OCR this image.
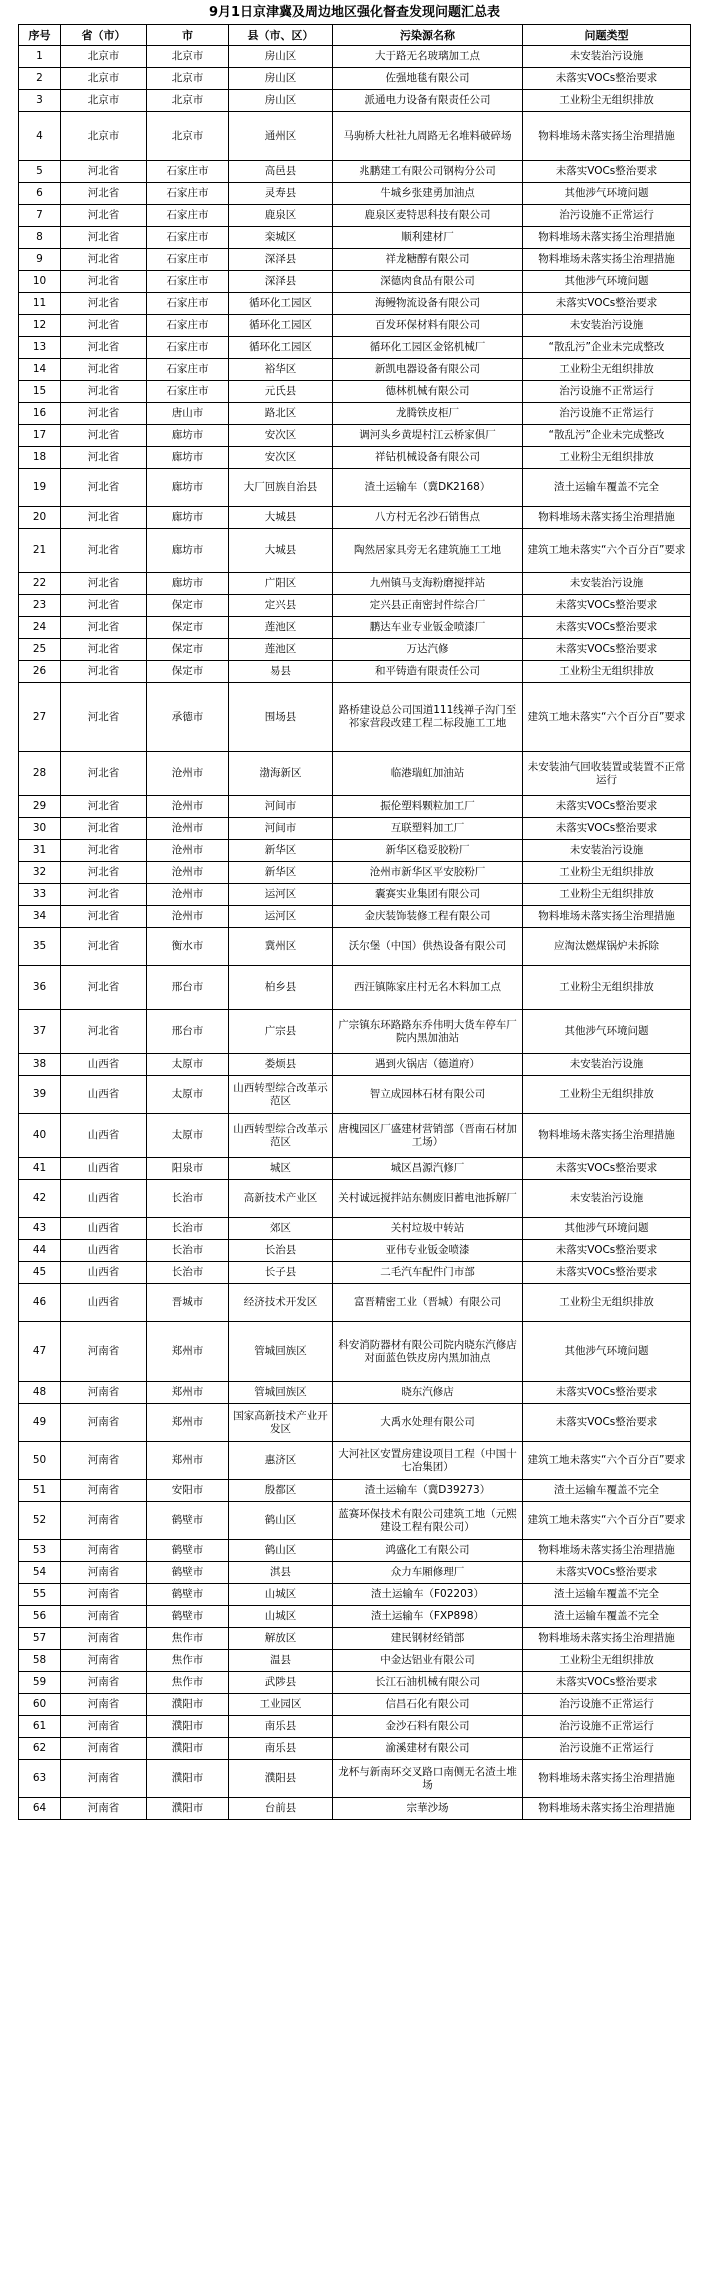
9月1日京津冀及周边地区强化督查发现问题汇总表
序号	省（市）	市	县（市、区）	污染源名称	问题类型
1	北京市	北京市	房山区	大于路无名玻璃加工点	未安装治污设施
2	北京市	北京市	房山区	佐强地毯有限公司	未落实VOCs整治要求
3	北京市	北京市	房山区	派通电力设备有限责任公司	工业粉尘无组织排放
4	北京市	北京市	通州区	马驹桥大杜社九周路无名堆料破碎场	物料堆场未落实扬尘治理措施
5	河北省	石家庄市	高邑县	兆鹏建工有限公司钢构分公司	未落实VOCs整治要求
6	河北省	石家庄市	灵寿县	牛城乡张建勇加油点	其他涉气环境问题
7	河北省	石家庄市	鹿泉区	鹿泉区麦特思科技有限公司	治污设施不正常运行
8	河北省	石家庄市	栾城区	顺利建材厂	物料堆场未落实扬尘治理措施
9	河北省	石家庄市	深泽县	祥龙糖醇有限公司	物料堆场未落实扬尘治理措施
10	河北省	石家庄市	深泽县	深德肉食品有限公司	其他涉气环境问题
11	河北省	石家庄市	循环化工园区	海鳗物流设备有限公司	未落实VOCs整治要求
12	河北省	石家庄市	循环化工园区	百发环保材料有限公司	未安装治污设施
13	河北省	石家庄市	循环化工园区	循环化工园区金铭机械厂	“散乱污”企业未完成整改
14	河北省	石家庄市	裕华区	新凯电器设备有限公司	工业粉尘无组织排放
15	河北省	石家庄市	元氏县	德林机械有限公司	治污设施不正常运行
16	河北省	唐山市	路北区	龙腾铁皮柜厂	治污设施不正常运行
17	河北省	廊坊市	安次区	调河头乡黄堤村江云桥家俱厂	“散乱污”企业未完成整改
18	河北省	廊坊市	安次区	祥钻机械设备有限公司	工业粉尘无组织排放
19	河北省	廊坊市	大厂回族自治县	渣土运输车（冀DK2168）	渣土运输车覆盖不完全
20	河北省	廊坊市	大城县	八方村无名沙石销售点	物料堆场未落实扬尘治理措施
21	河北省	廊坊市	大城县	陶然居家具旁无名建筑施工工地	建筑工地未落实“六个百分百”要求
22	河北省	廊坊市	广阳区	九州镇马支海粉磨搅拌站	未安装治污设施
23	河北省	保定市	定兴县	定兴县正南密封件综合厂	未落实VOCs整治要求
24	河北省	保定市	莲池区	鹏达车业专业钣金喷漆厂	未落实VOCs整治要求
25	河北省	保定市	莲池区	万达汽修	未落实VOCs整治要求
26	河北省	保定市	易县	和平铸造有限责任公司	工业粉尘无组织排放
27	河北省	承德市	围场县	路桥建设总公司国道111线禅子沟门至祁家营段改建工程二标段施工工地	建筑工地未落实“六个百分百”要求
28	河北省	沧州市	渤海新区	临港瑞虹加油站	未安装油气回收装置或装置不正常运行
29	河北省	沧州市	河间市	振伦塑料颗粒加工厂	未落实VOCs整治要求
30	河北省	沧州市	河间市	互联塑料加工厂	未落实VOCs整治要求
31	河北省	沧州市	新华区	新华区稳妥胶粉厂	未安装治污设施
32	河北省	沧州市	新华区	沧州市新华区平安胶粉厂	工业粉尘无组织排放
33	河北省	沧州市	运河区	囊赛实业集团有限公司	工业粉尘无组织排放
34	河北省	沧州市	运河区	金庆装饰装修工程有限公司	物料堆场未落实扬尘治理措施
35	河北省	衡水市	冀州区	沃尔堡（中国）供热设备有限公司	应淘汰燃煤锅炉未拆除
36	河北省	邢台市	柏乡县	西汪镇陈家庄村无名木料加工点	工业粉尘无组织排放
37	河北省	邢台市	广宗县	广宗镇东环路路东乔伟明大货车停车厂院内黑加油站	其他涉气环境问题
38	山西省	太原市	娄烦县	遇到火锅店（德道府）	未安装治污设施
39	山西省	太原市	山西转型综合改革示范区	智立成园林石材有限公司	工业粉尘无组织排放
40	山西省	太原市	山西转型综合改革示范区	唐槐园区厂盛建材营销部（晋南石材加工场）	物料堆场未落实扬尘治理措施
41	山西省	阳泉市	城区	城区昌源汽修厂	未落实VOCs整治要求
42	山西省	长治市	高新技术产业区	关村诚远搅拌站东侧废旧蓄电池拆解厂	未安装治污设施
43	山西省	长治市	郊区	关村垃圾中转站	其他涉气环境问题
44	山西省	长治市	长治县	亚伟专业钣金喷漆	未落实VOCs整治要求
45	山西省	长治市	长子县	二毛汽车配件门市部	未落实VOCs整治要求
46	山西省	晋城市	经济技术开发区	富晋精密工业（晋城）有限公司	工业粉尘无组织排放
47	河南省	郑州市	管城回族区	科安消防器材有限公司院内晓东汽修店对面蓝色铁皮房内黑加油点	其他涉气环境问题
48	河南省	郑州市	管城回族区	晓东汽修店	未落实VOCs整治要求
49	河南省	郑州市	国家高新技术产业开发区	大禹水处理有限公司	未落实VOCs整治要求
50	河南省	郑州市	惠济区	大河社区安置房建设项目工程（中国十七冶集团）	建筑工地未落实“六个百分百”要求
51	河南省	安阳市	殷都区	渣土运输车（冀D39273）	渣土运输车覆盖不完全
52	河南省	鹤壁市	鹤山区	蓝赛环保技术有限公司建筑工地（元熙建设工程有限公司）	建筑工地未落实“六个百分百”要求
53	河南省	鹤壁市	鹤山区	鸿盛化工有限公司	物料堆场未落实扬尘治理措施
54	河南省	鹤壁市	淇县	众力车厢修理厂	未落实VOCs整治要求
55	河南省	鹤壁市	山城区	渣土运输车（F02203）	渣土运输车覆盖不完全
56	河南省	鹤壁市	山城区	渣土运输车（FXP898）	渣土运输车覆盖不完全
57	河南省	焦作市	解放区	建民钢材经销部	物料堆场未落实扬尘治理措施
58	河南省	焦作市	温县	中金达铝业有限公司	工业粉尘无组织排放
59	河南省	焦作市	武陟县	长江石油机械有限公司	未落实VOCs整治要求
60	河南省	濮阳市	工业园区	信昌石化有限公司	治污设施不正常运行
61	河南省	濮阳市	南乐县	金沙石料有限公司	治污设施不正常运行
62	河南省	濮阳市	南乐县	渝溪建材有限公司	治污设施不正常运行
63	河南省	濮阳市	濮阳县	龙杯与新南环交叉路口南侧无名渣土堆场	物料堆场未落实扬尘治理措施
64	河南省	濮阳市	台前县	宗華沙场	物料堆场未落实扬尘治理措施
